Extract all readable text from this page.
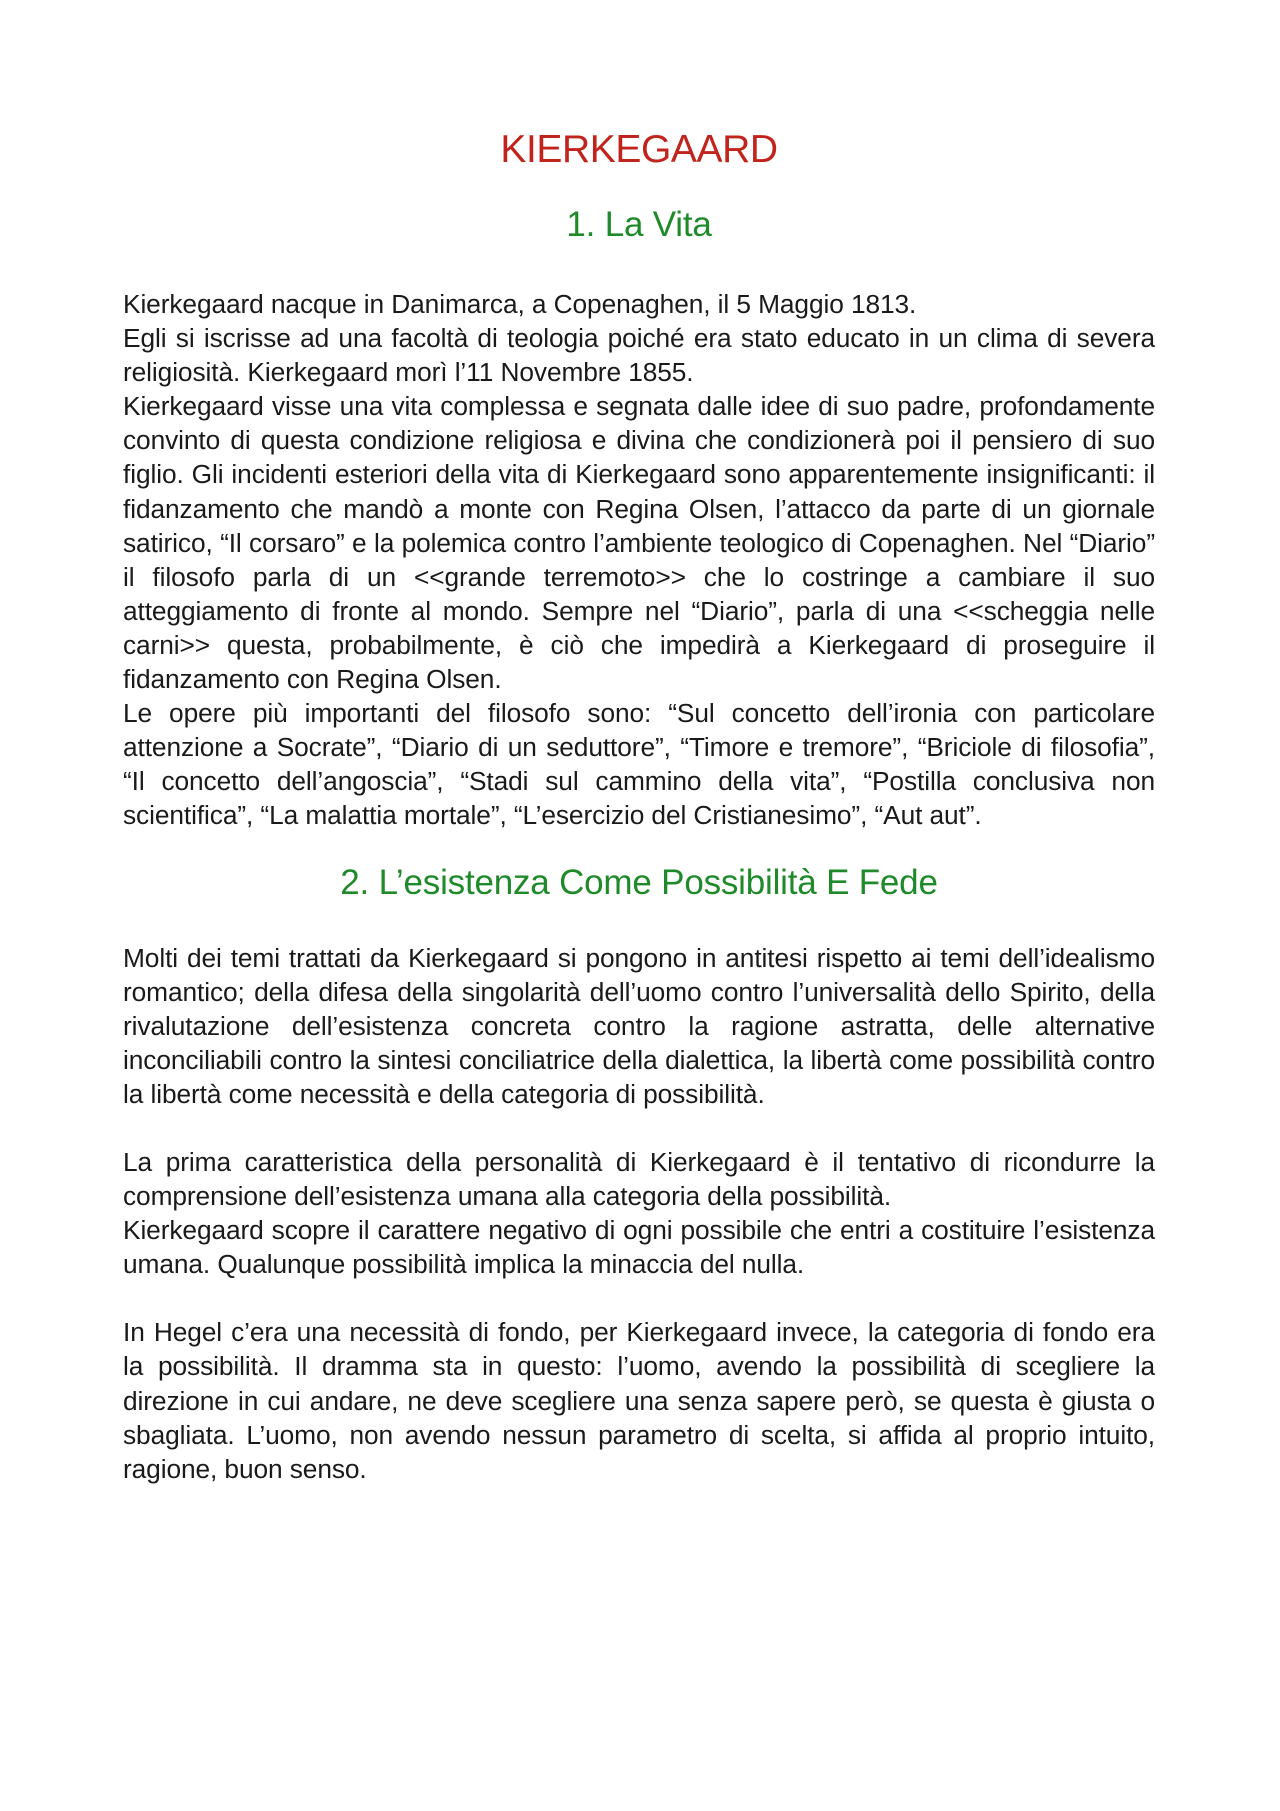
KIERKEGAARD
1. La Vita

Kierkegaard nacque in Danimarca, a Copenaghen, il 5 Maggio 1813.

Egli si iscrisse ad una facoltà di teologia poiché era stato educato in un clima di severa religiosità. Kierkegaard morì l’11 Novembre 1855.

Kierkegaard visse una vita complessa e segnata dalle idee di suo padre, profondamente convinto di questa condizione religiosa e divina che condizionerà poi il pensiero di suo figlio. Gli incidenti esteriori della vita di Kierkegaard sono apparentemente insignificanti: il fidanzamento che mandò a monte con Regina Olsen, l’attacco da parte di un giornale satirico, “Il corsaro” e la polemica contro l’ambiente teologico di Copenaghen. Nel “Diario” il filosofo parla di un <<grande terremoto>> che lo costringe a cambiare il suo atteggiamento di fronte al mondo. Sempre nel “Diario”, parla di una <<scheggia nelle carni>> questa, probabilmente, è ciò che impedirà a Kierkegaard di proseguire il fidanzamento con Regina Olsen.

Le opere più importanti del filosofo sono: “Sul concetto dell’ironia con particolare attenzione a Socrate”, “Diario di un seduttore”, “Timore e tremore”, “Briciole di filosofia”, “Il concetto dell’angoscia”, “Stadi sul cammino della vita”, “Postilla conclusiva non scientifica”, “La malattia mortale”, “L’esercizio del Cristianesimo”, “Aut aut”.

2. L’esistenza Come Possibilità E Fede

Molti dei temi trattati da Kierkegaard si pongono in antitesi rispetto ai temi dell’idealismo romantico; della difesa della singolarità dell’uomo contro l’universalità dello Spirito, della rivalutazione dell’esistenza concreta contro la ragione astratta, delle alternative inconciliabili contro la sintesi conciliatrice della dialettica, la libertà come possibilità contro la libertà come necessità e della categoria di possibilità.

La prima caratteristica della personalità di Kierkegaard è il tentativo di ricondurre la comprensione dell’esistenza umana alla categoria della possibilità.

Kierkegaard scopre il carattere negativo di ogni possibile che entri a costituire l’esistenza umana. Qualunque possibilità implica la minaccia del nulla.

In Hegel c’era una necessità di fondo, per Kierkegaard invece, la categoria di fondo era la possibilità. Il dramma sta in questo: l’uomo, avendo la possibilità di scegliere la direzione in cui andare, ne deve scegliere una senza sapere però, se questa è giusta o sbagliata. L’uomo, non avendo nessun parametro di scelta, si affida al proprio intuito, ragione, buon senso.
